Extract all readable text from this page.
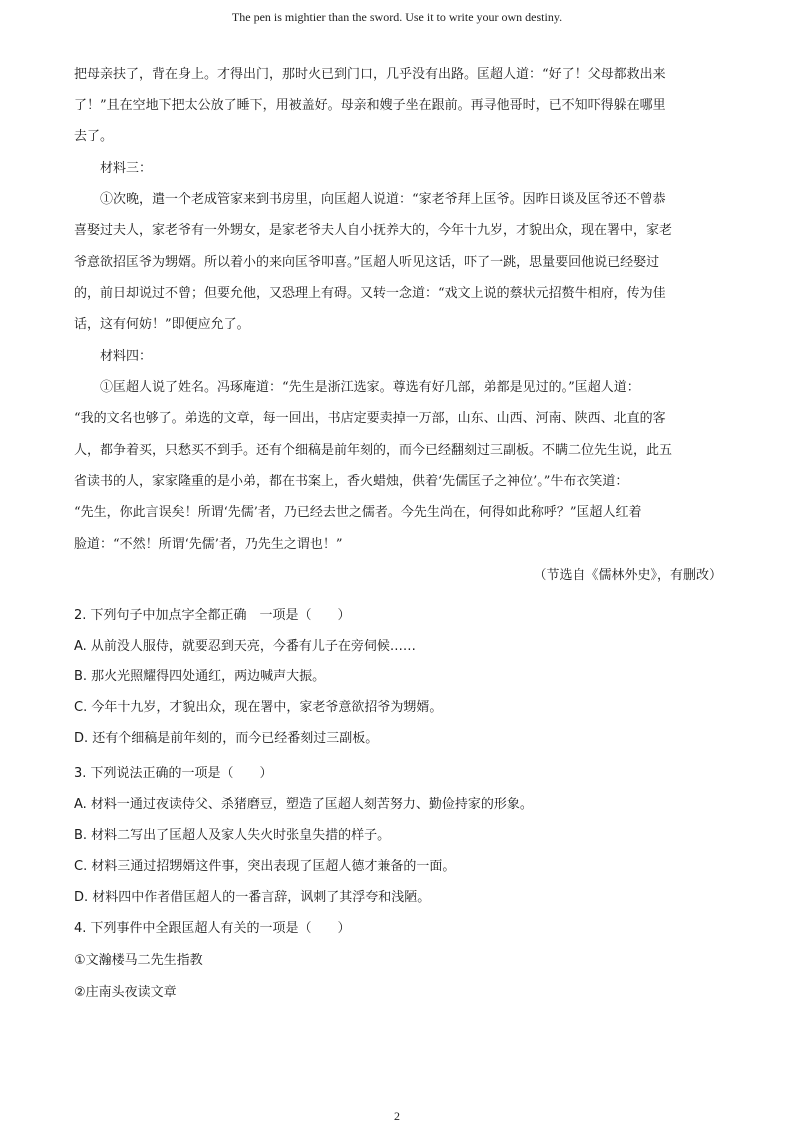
The pen is mightier than the sword. Use it to write your own destiny.
把母亲扶了，背在身上。才得出门，那时火已到门口，几乎没有出路。匡超人道：“好了！父母都救出来
了！”且在空地下把太公放了睡下，用被盖好。母亲和嫂子坐在跟前。再寻他哥时，已不知吓得躲在哪里
去了。
材料三：
①次晚，遣一个老成管家来到书房里，向匡超人说道：“家老爷拜上匡爷。因昨日谈及匡爷还不曾恭
喜娶过夫人，家老爷有一外甥女，是家老爷夫人自小抚养大的，今年十九岁，才貌出众，现在署中，家老
爷意欲招匡爷为甥婿。所以着小的来向匡爷叩喜。”匡超人听见这话，吓了一跳，思量要回他说已经娶过
的，前日却说过不曾；但要允他，又恐理上有碍。又转一念道：“戏文上说的蔡状元招赘牛相府，传为佳
话，这有何妨！”即便应允了。
材料四：
①匡超人说了姓名。冯琢庵道：“先生是浙江选家。尊选有好几部，弟都是见过的。”匡超人道：
“我的文名也够了。弟选的文章，每一回出，书店定要卖掉一万部，山东、山西、河南、陕西、北直的客
人，都争着买，只愁买不到手。还有个细稿是前年刻的，而今已经翻刻过三副板。不瞒二位先生说，此五
省读书的人，家家隆重的是小弟，都在书案上，香火蜡烛，供着‘先儒匡子之神位’。”牛布衣笑道：
“先生，你此言误矣！所谓‘先儒’者，乃已经去世之儒者。今先生尚在，何得如此称呼？”匡超人红着
脸道：“不然！所谓‘先儒’者，乃先生之谓也！”
（节选自《儒林外史》，有删改）
2. 下列句子中加点字全都正确　一项是（　　）
A. 从前没人服侍，就要忍到天亮，今番有儿子在旁伺候……
B. 那火光照耀得四处通红，两边喊声大振。
C. 今年十九岁，才貌出众，现在署中，家老爷意欲招爷为甥婿。
D. 还有个细稿是前年刻的，而今已经番刻过三副板。
3. 下列说法正确的一项是（　　）
A. 材料一通过夜读侍父、杀猪磨豆，塑造了匡超人刻苦努力、勤俭持家的形象。
B. 材料二写出了匡超人及家人失火时张皇失措的样子。
C. 材料三通过招甥婿这件事，突出表现了匡超人德才兼备的一面。
D. 材料四中作者借匡超人的一番言辞，讽刺了其浮夸和浅陋。
4. 下列事件中全跟匡超人有关的一项是（　　）
①文瀚楼马二先生指教
②庄南头夜读文章
2
